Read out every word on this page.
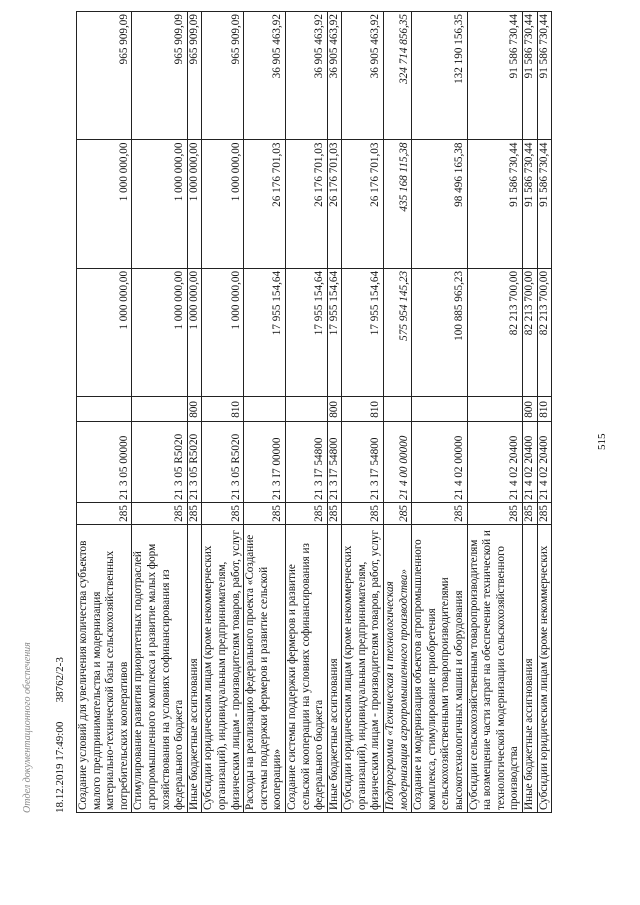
515
Отдел документационного обеспечения 18.12.2019 17:49:00       38762/2-3 Создание условий для увеличения количества субъектов малого предпринимательства и модернизация материально-технической базы сельскохозяйственных потребительских кооперативов	285	21 3 05 00000		1 000 000,00	1 000 000,00	965 909,09
Стимулирование развития приоритетных подотраслей агропромышленного комплекса и развитие малых форм хозяйствования на условиях софинансирования из федерального бюджета	285	21 3 05 R5020		1 000 000,00	1 000 000,00	965 909,09
Иные бюджетные ассигнования	285	21 3 05 R5020	800	1 000 000,00	1 000 000,00	965 909,09
Субсидии юридическим лицам (кроме некоммерческих организаций), индивидуальным предпринимателям, физическим лицам - производителям товаров, работ, услуг	285	21 3 05 R5020	810	1 000 000,00	1 000 000,00	965 909,09
Расходы на реализацию федерального проекта «Создание системы поддержки фермеров и развитие сельской кооперации»	285	21 3 I7 00000		17 955 154,64	26 176 701,03	36 905 463,92
Создание системы поддержки фермеров и развитие сельской кооперации на условиях софинансирования из федерального бюджета	285	21 3 I7 54800		17 955 154,64	26 176 701,03	36 905 463,92
Иные бюджетные ассигнования	285	21 3 I7 54800	800	17 955 154,64	26 176 701,03	36 905 463,92
Субсидии юридическим лицам (кроме некоммерческих организаций), индивидуальным предпринимателям, физическим лицам - производителям товаров, работ, услуг	285	21 3 I7 54800	810	17 955 154,64	26 176 701,03	36 905 463,92
Подпрограмма «Техническая и технологическая модернизация агропромышленного производства»	285	21 4 00 00000		575 954 145,23	435 168 115,38	324 714 856,35
Создание и модернизация объектов агропромышленного комплекса, стимулирование приобретения сельскохозяйственными товаропроизводителями высокотехнологичных машин и оборудования	285	21 4 02 00000		100 885 965,23	98 496 165,38	132 190 156,35
Субсидии сельскохозяйственным товаропроизводителям на возмещение части затрат на обеспечение технической и технологической модернизации сельскохозяйственного производства	285	21 4 02 20400		82 213 700,00	91 586 730,44	91 586 730,44
Иные бюджетные ассигнования	285	21 4 02 20400	800	82 213 700,00	91 586 730,44	91 586 730,44
Субсидии юридическим лицам (кроме некоммерческих	285	21 4 02 20400	810	82 213 700,00	91 586 730,44	91 586 730,44
